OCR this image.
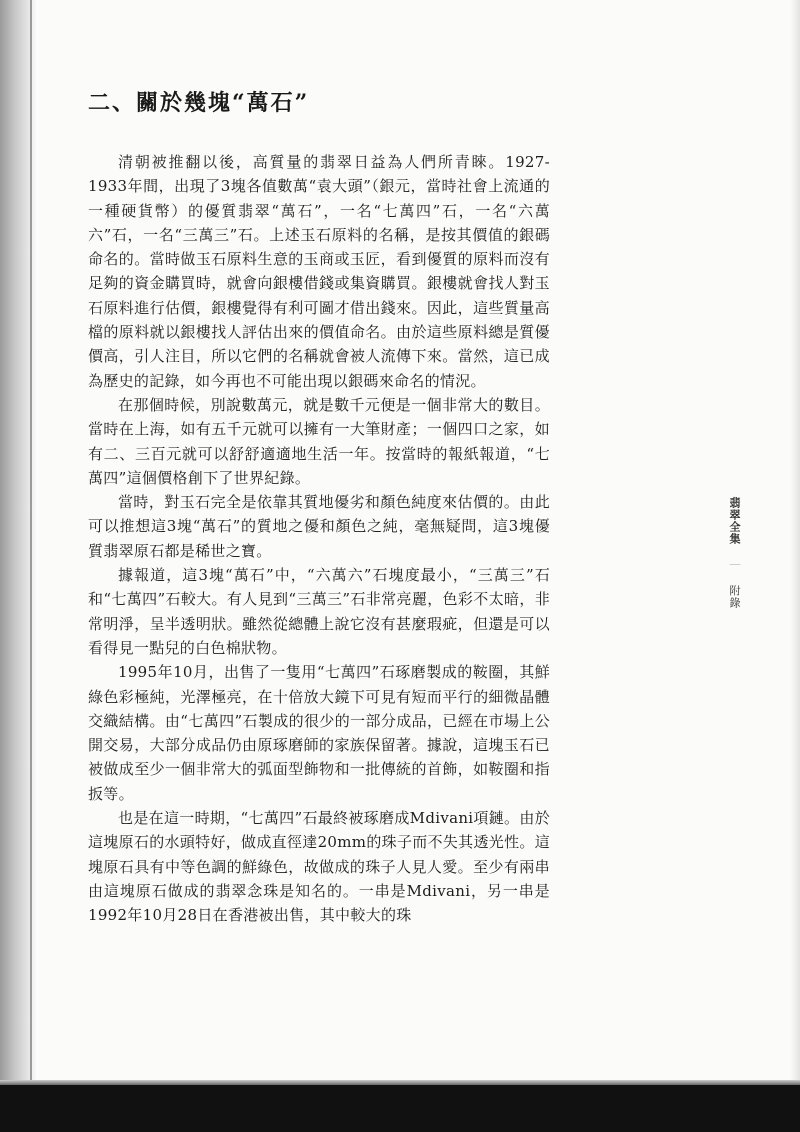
二、關於幾塊“萬石”

清朝被推翻以後，高質量的翡翠日益為人們所青睞。1927-1933年間，出現了3塊各值數萬“袁大頭”（銀元，當時社會上流通的一種硬貨幣）的優質翡翠“萬石”，一名“七萬四”石，一名“六萬六”石，一名“三萬三”石。上述玉石原料的名稱，是按其價值的銀碼命名的。當時做玉石原料生意的玉商或玉匠，看到優質的原料而沒有足夠的資金購買時，就會向銀樓借錢或集資購買。銀樓就會找人對玉石原料進行估價，銀樓覺得有利可圖才借出錢來。因此，這些質量高檔的原料就以銀樓找人評估出來的價值命名。由於這些原料總是質優價高，引人注目，所以它們的名稱就會被人流傳下來。當然，這已成為歷史的記錄，如今再也不可能出現以銀碼來命名的情況。

在那個時候，別說數萬元，就是數千元便是一個非常大的數目。當時在上海，如有五千元就可以擁有一大筆財產；一個四口之家，如有二、三百元就可以舒舒適適地生活一年。按當時的報紙報道，“七萬四”這個價格創下了世界紀錄。

當時，對玉石完全是依靠其質地優劣和顏色純度來估價的。由此可以推想這3塊“萬石”的質地之優和顏色之純，毫無疑問，這3塊優質翡翠原石都是稀世之寶。

據報道，這3塊“萬石”中，“六萬六”石塊度最小，“三萬三”石和“七萬四”石較大。有人見到“三萬三”石非常亮麗，色彩不太暗，非常明淨，呈半透明狀。雖然從總體上說它沒有甚麼瑕疵，但還是可以看得見一點兒的白色棉狀物。

1995年10月，出售了一隻用“七萬四”石琢磨製成的鞍圈，其鮮綠色彩極純，光澤極亮，在十倍放大鏡下可見有短而平行的細微晶體交織結構。由“七萬四”石製成的很少的一部分成品，已經在市場上公開交易，大部分成品仍由原琢磨師的家族保留著。據說，這塊玉石已被做成至少一個非常大的弧面型飾物和一批傳統的首飾，如鞍圈和指扳等。

也是在這一時期，“七萬四”石最終被琢磨成Mdivani項鏈。由於這塊原石的水頭特好，做成直徑達20mm的珠子而不失其透光性。這塊原石具有中等色調的鮮綠色，故做成的珠子人見人愛。至少有兩串由這塊原石做成的翡翠念珠是知名的。一串是Mdivani，另一串是1992年10月28日在香港被出售，其中較大的珠

翡翠全集 ｜ 附錄
